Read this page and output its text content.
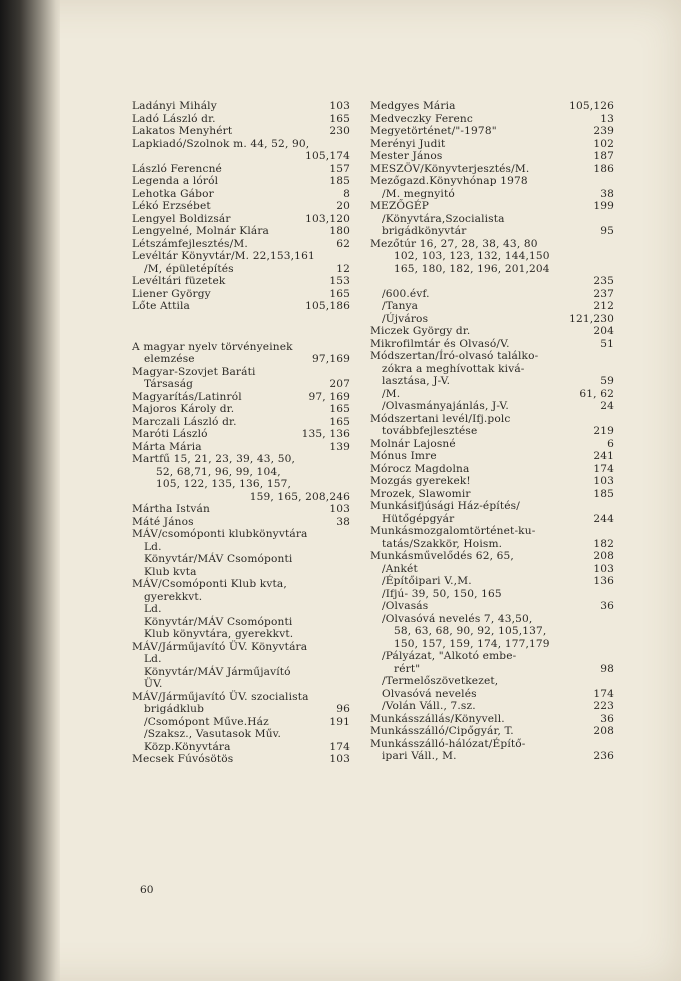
Ladányi Mihály	103
Ladó László dr.	165
Lakatos Menyhért	230
Lapkiadó/Szolnok m. 44, 52, 90,
105,174
László Ferencné	157
Legenda a lóról	185
Lehotka Gábor	8
Lékó Erzsébet	20
Lengyel Boldizsár	103,120
Lengyelné, Molnár Klára	180
Létszámfejlesztés/M.	62
Levéltár Könyvtár/M. 22,153,161
/M, épületépítés	12
Levéltári füzetek	153
Liener György	165
Lőte Attila	105,186
A magyar nyelv törvényeinek
elemzése	97,169
Magyar-Szovjet Baráti
Társaság	207
Magyarítás/Latinról	97, 169
Majoros Károly dr.	165
Marczali László dr.	165
Maróti László	135, 136
Márta Mária	139
Martfű 15, 21, 23, 39, 43, 50,
52, 68,71, 96, 99, 104,
105, 122, 135, 136, 157,
159, 165, 208,246
Mártha István	103
Máté János	38
MÁV/csomóponti klubkönyvtára
Ld.
Könyvtár/MÁV Csomóponti
Klub kvta
MÁV/Csomóponti Klub kvta,
gyerekkvt.
Ld.
Könyvtár/MÁV Csomóponti
Klub könyvtára, gyerekkvt.
MÁV/Járműjavító ÜV. Könyvtára
Ld.
Könyvtár/MÁV Járműjavító
ÜV.
MÁV/Járműjavító ÜV. szocialista
brigádklub	96
/Csomópont Műve.Ház	191
/Szaksz., Vasutasok Műv.
Közp.Könyvtára	174
Mecsek Fúvósötös	103
Medgyes Mária	105,126
Medveczky Ferenc	13
Megyetörténet/"-1978"	239
Merényi Judit	102
Mester János	187
MESZÖV/Könyvterjesztés/M.	186
Mezőgazd.Könyvhónap 1978
/M. megnyitó	38
MEZŐGÉP	199
/Könyvtára,Szocialista
brigádkönyvtár	95
Mezőtúr 16, 27, 28, 38, 43, 80
102, 103, 123, 132, 144,150
165, 180, 182, 196, 201,204
235
/600.évf.	237
/Tanya	212
/Újváros	121,230
Miczek György dr.	204
Mikrofilmtár és Olvasó/V.	51
Módszertan/Író-olvasó találko-
zókra a meghívottak kivá-
lasztása, J-V.	59
/M.	61, 62
/Olvasmányajánlás, J-V.	24
Módszertani levél/Ifj.polc
továbbfejlesztése	219
Molnár Lajosné	6
Mónus Imre	241
Mórocz Magdolna	174
Mozgás gyerekek!	103
Mrozek, Slawomir	185
Munkásifjúsági Ház-építés/
Hütőgépgyár	244
Munkásmozgalomtörténet-ku-
tatás/Szakkör, Hoism.	182
Munkásművelődés 62, 65,	208
/Ankét	103
/Építőipari V.,M.	136
/Ifjú- 39, 50, 150, 165
/Olvasás	36
/Olvasóvá nevelés 7, 43,50,
58, 63, 68, 90, 92, 105,137,
150, 157, 159, 174, 177,179
/Pályázat, "Alkotó embe-
rért"	98
/Termelőszövetkezet,
Olvasóvá nevelés	174
/Volán Váll., 7.sz.	223
Munkásszállás/Könyvell.	36
Munkásszálló/Cipőgyár, T.	208
Munkásszálló-hálózat/Építő-
ipari Váll., M.	236
60
